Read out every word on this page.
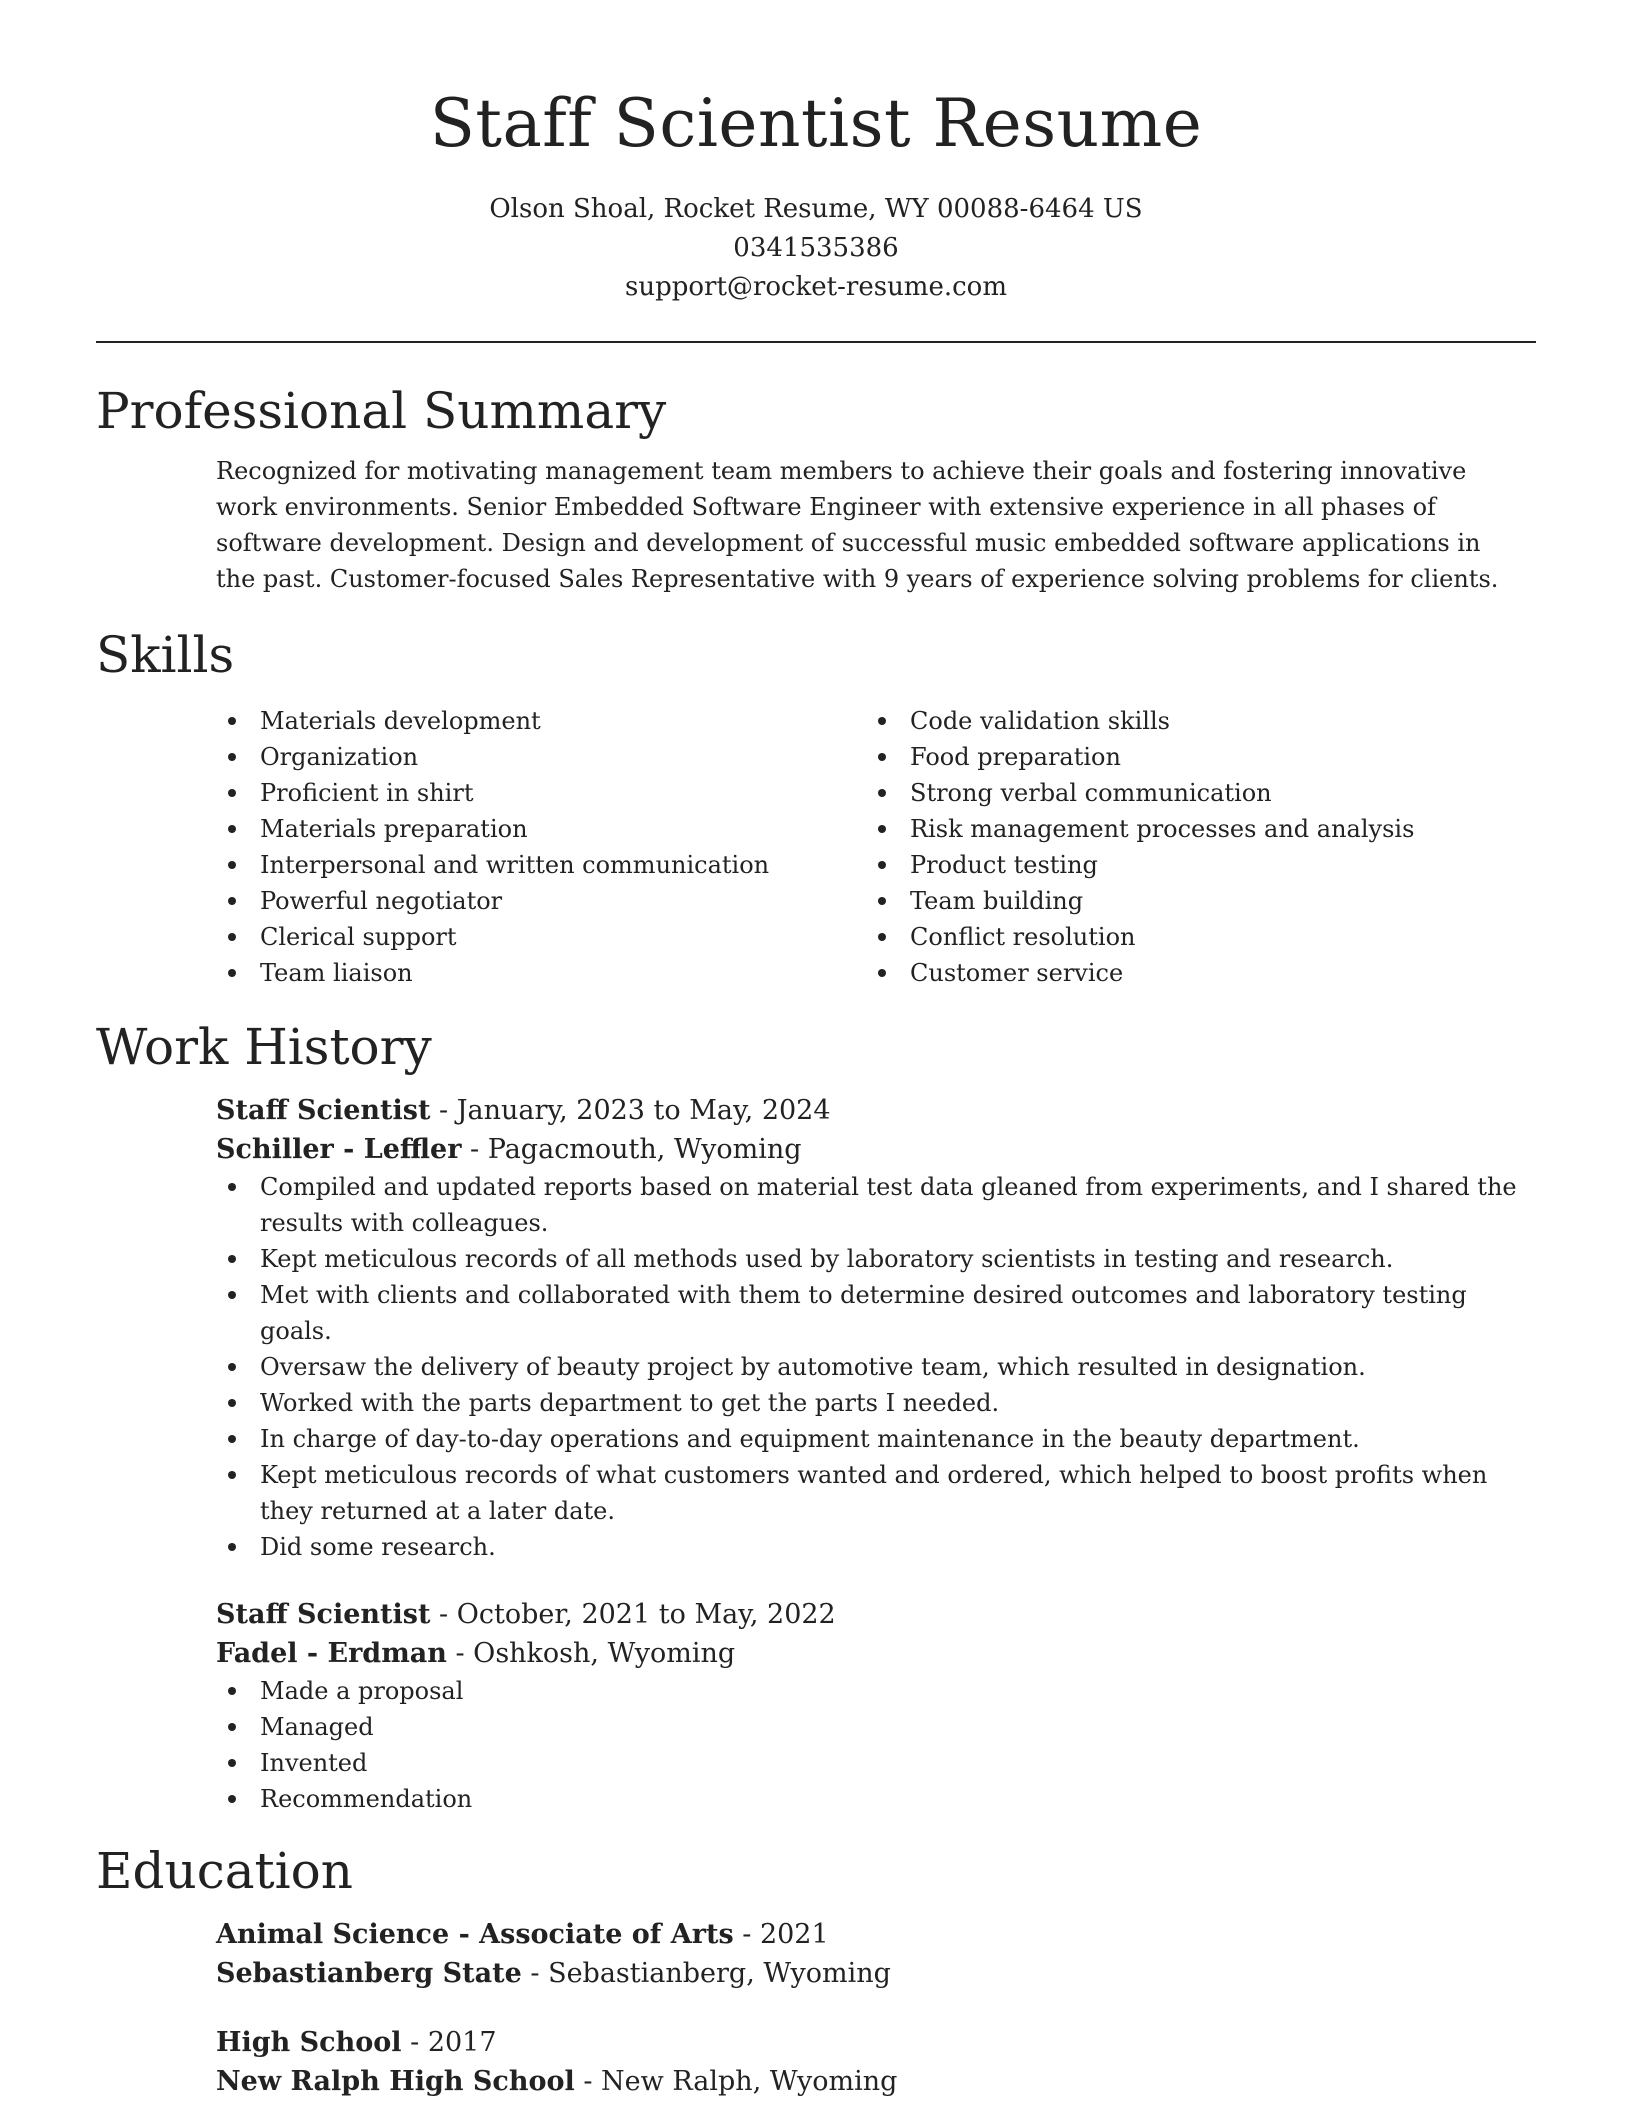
Staff Scientist Resume

Olson Shoal, Rocket Resume, WY 00088-6464 US

0341535386

support@rocket-resume.com

Professional Summary

Recognized for motivating management team members to achieve their goals and fostering innovative work environments. Senior Embedded Software Engineer with extensive experience in all phases of software development. Design and development of successful music embedded software applications in the past. Customer-focused Sales Representative with 9 years of experience solving problems for clients.

Skills
Materials development
Organization
Proficient in shirt
Materials preparation
Interpersonal and written communication
Powerful negotiator
Clerical support
Team liaison
Code validation skills
Food preparation
Strong verbal communication
Risk management processes and analysis
Product testing
Team building
Conflict resolution
Customer service
Work History

Staff Scientist - January, 2023 to May, 2024

Schiller - Leffler - Pagacmouth, Wyoming

Compiled and updated reports based on material test data gleaned from experiments, and I shared the results with colleagues.
Kept meticulous records of all methods used by laboratory scientists in testing and research.
Met with clients and collaborated with them to determine desired outcomes and laboratory testing goals.
Oversaw the delivery of beauty project by automotive team, which resulted in designation.
Worked with the parts department to get the parts I needed.
In charge of day-to-day operations and equipment maintenance in the beauty department.
Kept meticulous records of what customers wanted and ordered, which helped to boost profits when they returned at a later date.
Did some research.

Staff Scientist - October, 2021 to May, 2022

Fadel - Erdman - Oshkosh, Wyoming

Made a proposal
Managed
Invented
Recommendation
Education

Animal Science - Associate of Arts - 2021

Sebastianberg State - Sebastianberg, Wyoming

High School - 2017

New Ralph High School - New Ralph, Wyoming
